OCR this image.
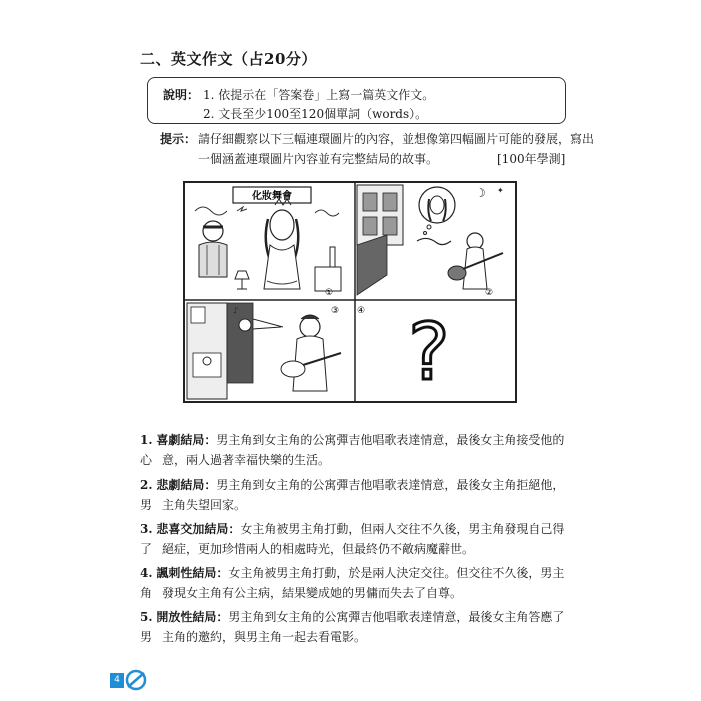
二、英文作文（占20分）
說明： 1. 依提示在「答案卷」上寫一篇英文作文。
2. 文長至少100至120個單詞（words）。
提示： 請仔細觀察以下三幅連環圖片的內容，並想像第四幅圖片可能的發展，寫出
一個涵蓋連環圖片內容並有完整結局的故事。	[100年學測]
化妝舞會
①
☽ ✦
②
♪	③ ④ ?
1. 喜劇結局：男主角到女主角的公寓彈吉他唱歌表達情意，最後女主角接受他的心 意，兩人過著幸福快樂的生活。
2. 悲劇結局：男主角到女主角的公寓彈吉他唱歌表達情意，最後女主角拒絕他，男 主角失望回家。
3. 悲喜交加結局：女主角被男主角打動，但兩人交往不久後，男主角發現自己得了 絕症，更加珍惜兩人的相處時光，但最終仍不敵病魔辭世。
4. 諷刺性結局：女主角被男主角打動，於是兩人決定交往。但交往不久後，男主角 發現女主角有公主病，結果變成她的男傭而失去了自尊。
5. 開放性結局：男主角到女主角的公寓彈吉他唱歌表達情意，最後女主角答應了男 主角的邀約，與男主角一起去看電影。
4
